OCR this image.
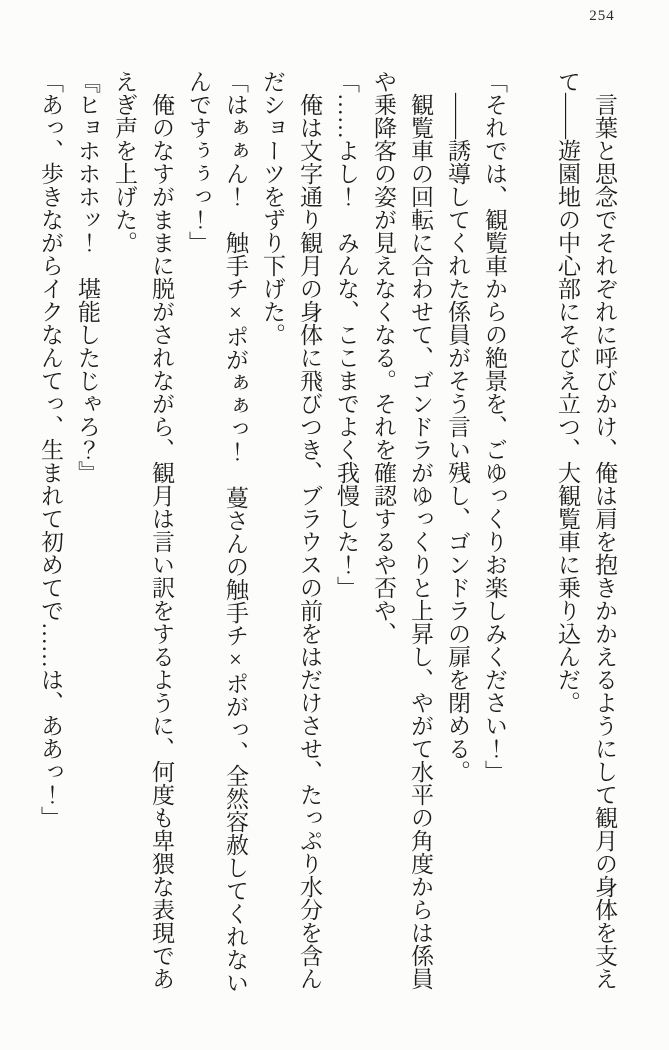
254

　言葉と思念でそれぞれに呼びかけ、俺は肩を抱きかかえるようにして観月の身体を支え

て——遊園地の中心部にそびえ立つ、大観覧車に乗り込んだ。

「それでは、観覧車からの絶景を、ごゆっくりお楽しみください！」

　——誘導してくれた係員がそう言い残し、ゴンドラの扉を閉める。

　観覧車の回転に合わせて、ゴンドラがゆっくりと上昇し、やがて水平の角度からは係員

や乗降客の姿が見えなくなる。それを確認するや否や、

「……よし！　みんな、ここまでよく我慢した！」

　俺は文字通り観月の身体に飛びつき、ブラウスの前をはだけさせ、たっぷり水分を含ん

だショーツをずり下げた。

「はぁぁん！　触手チ×ポがぁぁっ！　蔓さんの触手チ×ポがっ、全然容赦してくれない

んですぅぅっ！」

　俺のなすがままに脱がされながら、観月は言い訳をするように、何度も卑猥な表現であ

えぎ声を上げた。

『ヒョホホホッ！　堪能したじゃろ？』

「あっ、歩きながらイクなんてっ、生まれて初めてで……は、ああっ！」
